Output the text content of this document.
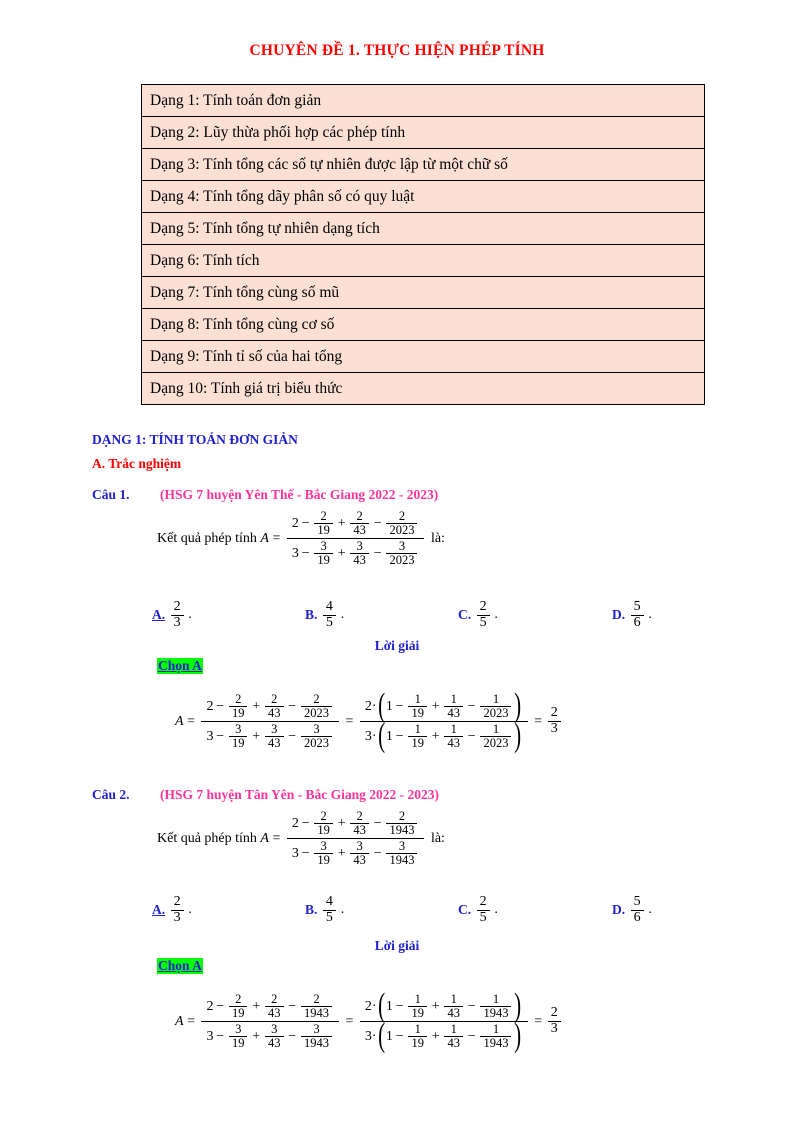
CHUYÊN ĐỀ 1. THỰC HIỆN PHÉP TÍNH
Dạng 1: Tính toán đơn giản
Dạng 2: Lũy thừa phối hợp các phép tính
Dạng 3: Tính tổng các số tự nhiên được lập từ một chữ số
Dạng 4: Tính tổng dãy phân số có quy luật
Dạng 5: Tính tổng tự nhiên dạng tích
Dạng 6: Tính tích
Dạng 7: Tính tổng cùng số mũ
Dạng 8: Tính tổng cùng cơ số
Dạng 9: Tính tỉ số của hai tổng
Dạng 10: Tính giá trị biểu thức
DẠNG 1: TÍNH TOÁN ĐƠN GIẢN
A. Trắc nghiệm
Câu 1. (HSG 7 huyện Yên Thế - Bắc Giang 2022 - 2023)
Kết quả phép tính $A = \frac{2 - \frac{2}{19} + \frac{2}{43} - \frac{2}{2023}}{3 - \frac{3}{19} + \frac{3}{43} - \frac{3}{2023}}$ là:
A.
$\frac{2}{3}$  .	B.
$\frac{4}{5}$  .	C.
$\frac{2}{5}$  .	D.
$\frac{5}{6}$  .
Lời giải
Chọn A
$A = \frac{2 - \frac{2}{19} + \frac{2}{43} - \frac{2}{2023}}{3 - \frac{3}{19} + \frac{3}{43} - \frac{3}{2023}} = \frac{2 \cdot ( 1 - \frac{1}{19} + \frac{1}{43} - \frac{1}{2023} )}{3 \cdot ( 1 - \frac{1}{19} + \frac{1}{43} - \frac{1}{2023} )} = \frac{2}{3}$
Câu 2. (HSG 7 huyện Tân Yên - Bắc Giang 2022 - 2023)
Kết quả phép tính $A = \frac{2 - \frac{2}{19} + \frac{2}{43} - \frac{2}{1943}}{3 - \frac{3}{19} + \frac{3}{43} - \frac{3}{1943}}$ là:
A.
$\frac{2}{3}$  .	B.
$\frac{4}{5}$  .	C.
$\frac{2}{5}$  .	D.
$\frac{5}{6}$  .
Lời giải
Chọn A
$A = \frac{2 - \frac{2}{19} + \frac{2}{43} - \frac{2}{1943}}{3 - \frac{3}{19} + \frac{3}{43} - \frac{3}{1943}} = \frac{2 \cdot ( 1 - \frac{1}{19} + \frac{1}{43} - \frac{1}{1943} )}{3 \cdot ( 1 - \frac{1}{19} + \frac{1}{43} - \frac{1}{1943} )} = \frac{2}{3}$
